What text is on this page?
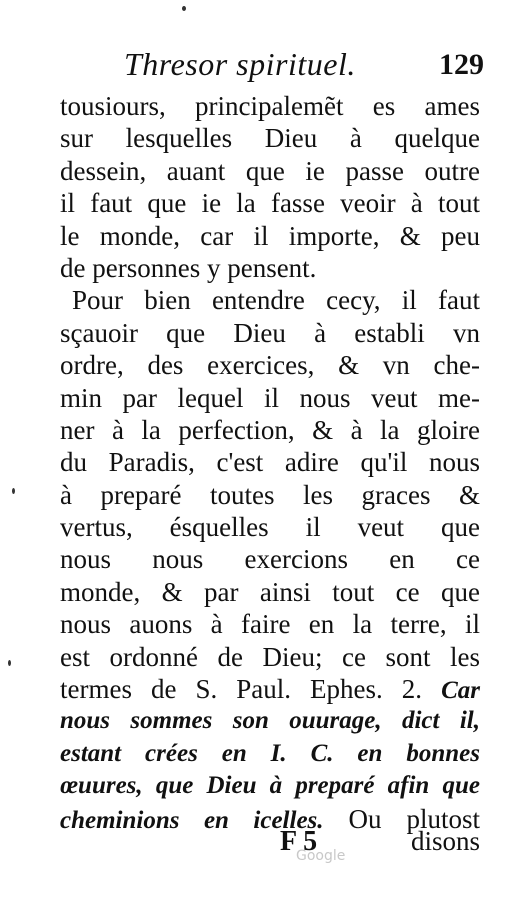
Thresor spirituel.	129
tousiours, principalemẽt es ames
sur lesquelles Dieu à quelque
dessein, auant que ie passe outre
il faut que ie la fasse veoir à tout
le monde, car il importe, & peu
de personnes y pensent.
Pour bien entendre cecy, il faut
sçauoir que Dieu à establi vn
ordre, des exercices, & vn che-
min par lequel il nous veut me-
ner à la perfection, & à la gloire
du Paradis, c'est adire qu'il nous
à preparé toutes les graces &
vertus, ésquelles il veut que
nous nous exercions en ce
monde, & par ainsi tout ce que
nous auons à faire en la terre, il
est ordonné de Dieu; ce sont les
termes de S. Paul. Ephes. 2. Car
nous sommes son ouurage, dict il,
estant crées en I. C. en bonnes
œuures, que Dieu à preparé afin que
cheminions en icelles. Ou plutost
F 5	disons
Google
